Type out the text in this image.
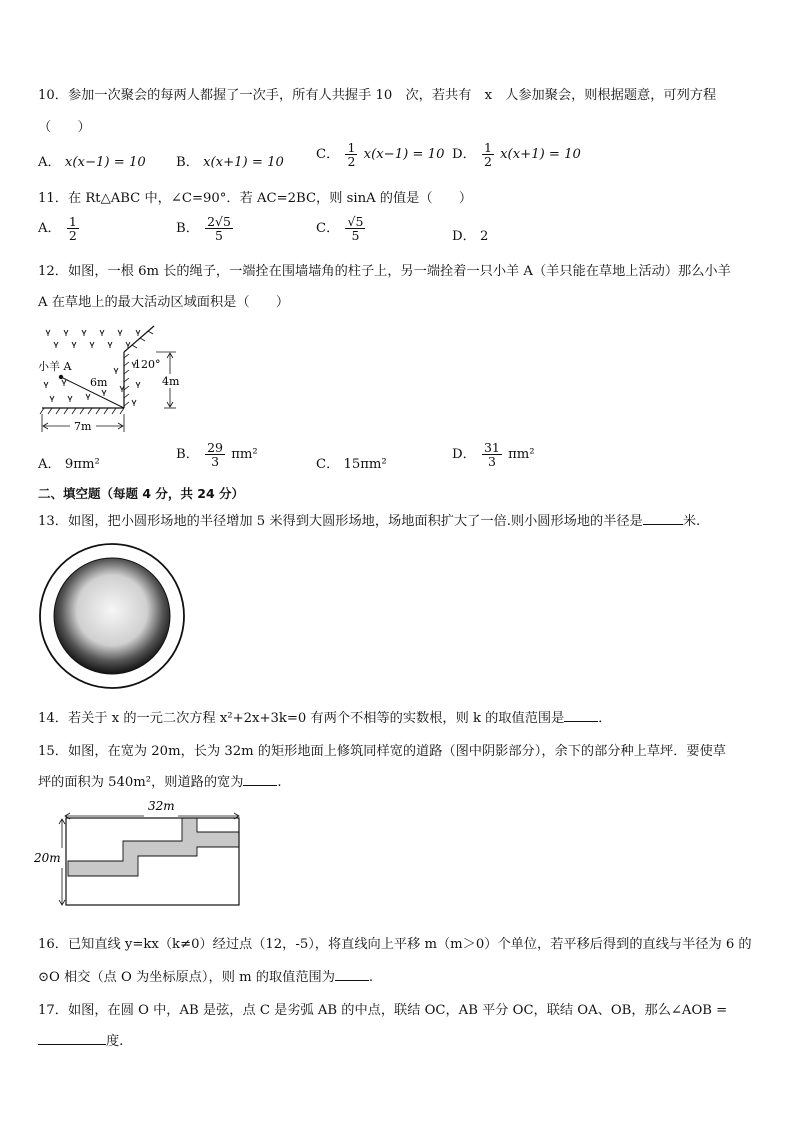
10．参加一次聚会的每两人都握了一次手，所有人共握手 10　次，若共有　x　人参加聚会，则根据题意，可列方程
（　　）
A． x(x−1) = 10 B． x(x+1) = 10
C． $\frac{1}{2} x(x-1) = 10$ D． $\frac{1}{2} x(x+1) = 10$
11．在 Rt△ABC 中，∠C=90°．若 AC=2BC，则 sinA 的值是（　　）
A． $\frac{1}{2}$	B． $\frac{2√5}{5}$	C． $\frac{√5}{5}$	D． 2
12．如图，一根 6m 长的绳子，一端拴在围墙墙角的柱子上，另一端拴着一只小羊 A（羊只能在草地上活动）那么小羊
A 在草地上的最大活动区域面积是（　　）
小羊 A
6m
120°
4m
7m
A． 9πm²
B． $\frac{29}{3} \pi m^2$
C． 15πm²
D． $\frac{31}{3} \pi m^2$
二、填空题（每题 4 分，共 24 分）
13．如图，把小圆形场地的半径增加 5 米得到大圆形场地，场地面积扩大了一倍.则小圆形场地的半径是	米.
14．若关于 x 的一元二次方程 x²+2x+3k=0 有两个不相等的实数根，则 k 的取值范围是	．
15．如图，在宽为 20m，长为 32m 的矩形地面上修筑同样宽的道路（图中阴影部分），余下的部分种上草坪．要使草
坪的面积为 540m²，则道路的宽为	.
32m
20m
16．已知直线 y=kx（k≠0）经过点（12，-5），将直线向上平移 m（m＞0）个单位，若平移后得到的直线与半径为 6 的
⊙O 相交（点 O 为坐标原点），则 m 的取值范围为	.
17．如图，在圆 O 中，AB 是弦，点 C 是劣弧 AB 的中点，联结 OC，AB 平分 OC，联结 OA、OB，那么∠AOB =
度.
